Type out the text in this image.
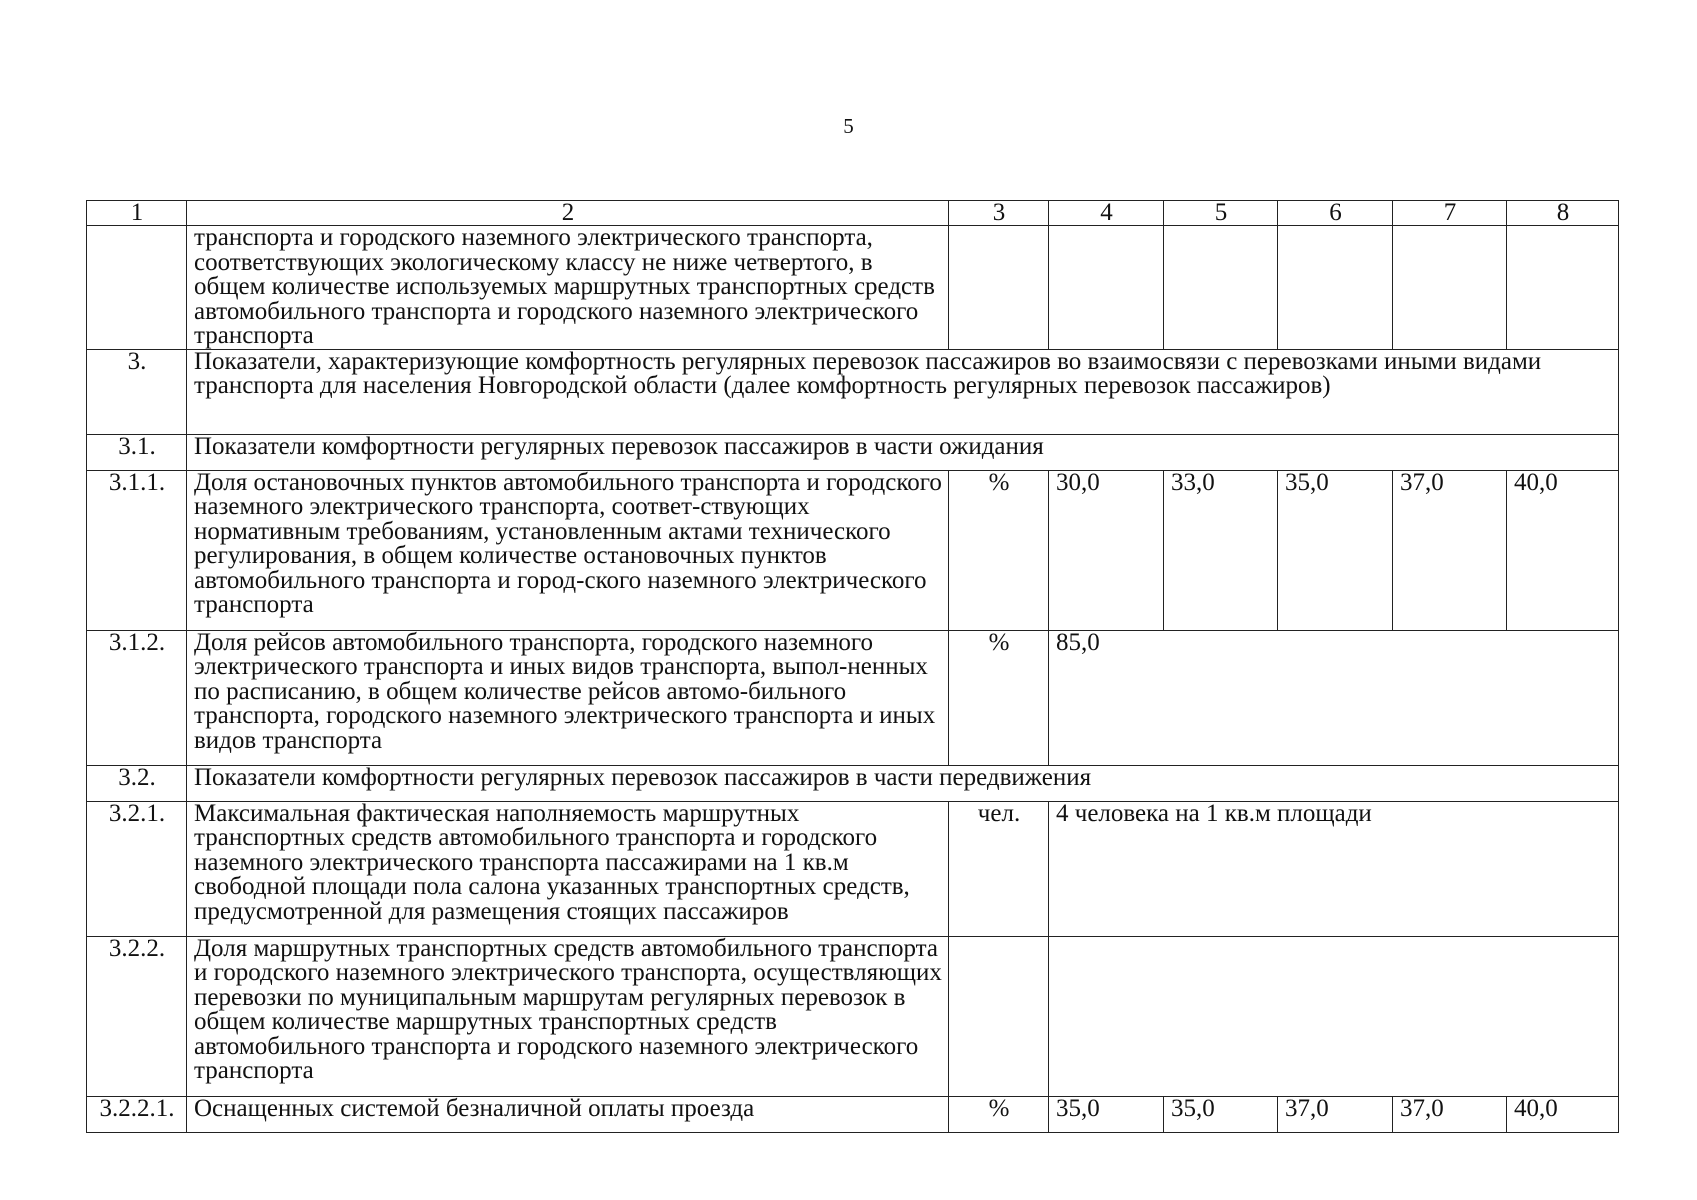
5
1	2	3	4	5	6	7	8
	транспорта и городского наземного электрического транспорта, соответствующих экологическому классу не ниже четвертого, в общем количестве используемых маршрутных транспортных средств автомобильного транспорта и городского наземного электрического транспорта						
3.	Показатели, характеризующие комфортность регулярных перевозок пассажиров во взаимосвязи с перевозками иными видами транспорта для населения Новгородской области (далее комфортность регулярных перевозок пассажиров)						
3.1.	Показатели комфортности регулярных перевозок пассажиров в части ожидания						
3.1.1.	Доля остановочных пунктов автомобильного транспорта и городского наземного электрического транспорта, соответ-ствующих нормативным требованиям, установленным актами технического регулирования, в общем количестве остановочных пунктов автомобильного транспорта и город-ского наземного электрического транспорта	%	30,0	33,0	35,0	37,0	40,0
3.1.2.	Доля рейсов автомобильного транспорта, городского наземного электрического транспорта и иных видов транспорта, выпол-ненных по расписанию, в общем количестве рейсов автомо-бильного транспорта, городского наземного электрического транспорта и иных видов транспорта	%	85,0				
3.2.	Показатели комфортности регулярных перевозок пассажиров в части передвижения						
3.2.1.	Максимальная фактическая наполняемость маршрутных транспортных средств автомобильного транспорта и городского наземного электрического транспорта пассажирами на 1 кв.м свободной площади пола салона указанных транспортных средств, предусмотренной для размещения стоящих пассажиров	чел.	4 человека на 1 кв.м площади				
3.2.2.	Доля маршрутных транспортных средств автомобильного транспорта и городского наземного электрического транспорта, осуществляющих перевозки по муниципальным маршрутам регулярных перевозок в общем количестве маршрутных транспортных средств автомобильного транспорта и городского наземного электрического транспорта						
3.2.2.1.	Оснащенных системой безналичной оплаты проезда	%	35,0	35,0	37,0	37,0	40,0
